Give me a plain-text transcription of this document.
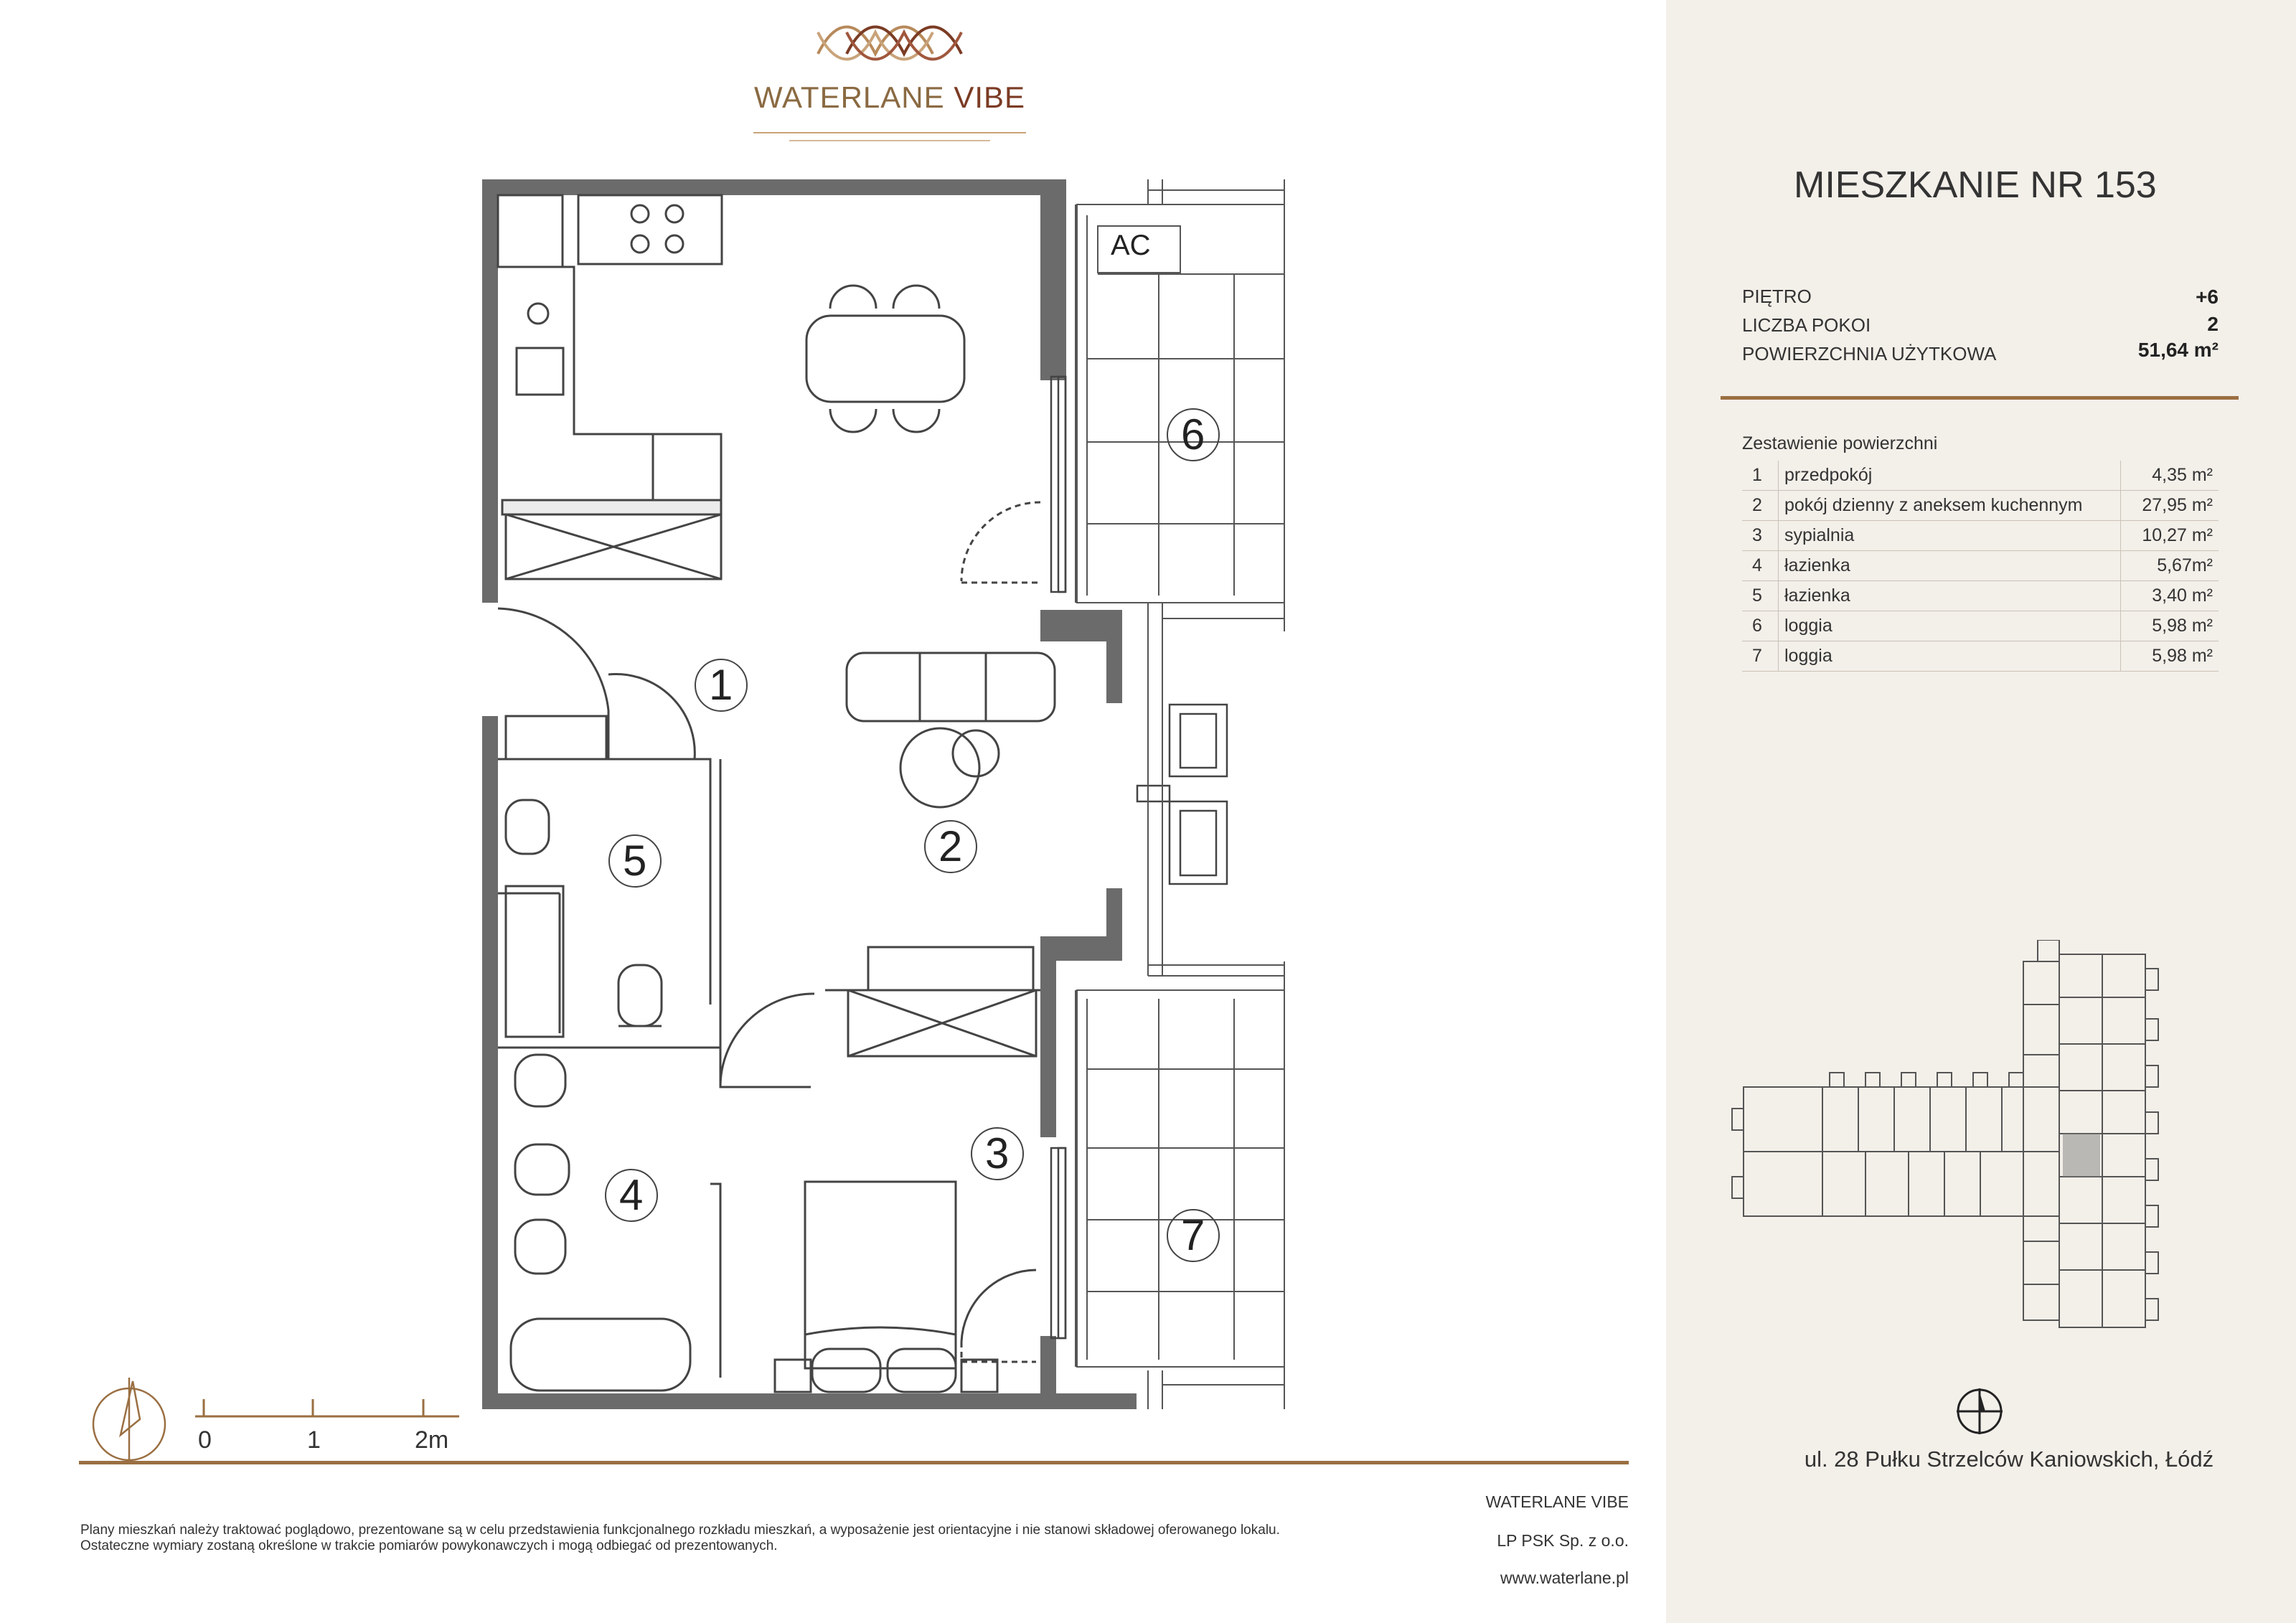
WATERLANE VIBE
AC
1
2
3
4
5
6
7
0	1	2m
Plany mieszkań należy traktować poglądowo, prezentowane są w celu przedstawienia funkcjonalnego rozkładu mieszkań, a wyposażenie jest orientacyjne i nie stanowi składowej oferowanego lokalu.
Ostateczne wymiary zostaną określone w trakcie pomiarów powykonawczych i mogą odbiegać od prezentowanych.
WATERLANE VIBE
LP PSK Sp. z o.o.
www.waterlane.pl
MIESZKANIE NR 153
PIĘTRO	+6
LICZBA POKOI	2
POWIERZCHNIA UŻYTKOWA	51,64 m²
Zestawienie powierzchni
1	przedpokój	4,35 m²
2	pokój dzienny z aneksem kuchennym	27,95 m²
3	sypialnia	10,27 m²
4	łazienka	5,67m²
5	łazienka	3,40 m²
6	loggia	5,98 m²
7	loggia	5,98 m²
ul. 28 Pułku Strzelców Kaniowskich, Łódź
